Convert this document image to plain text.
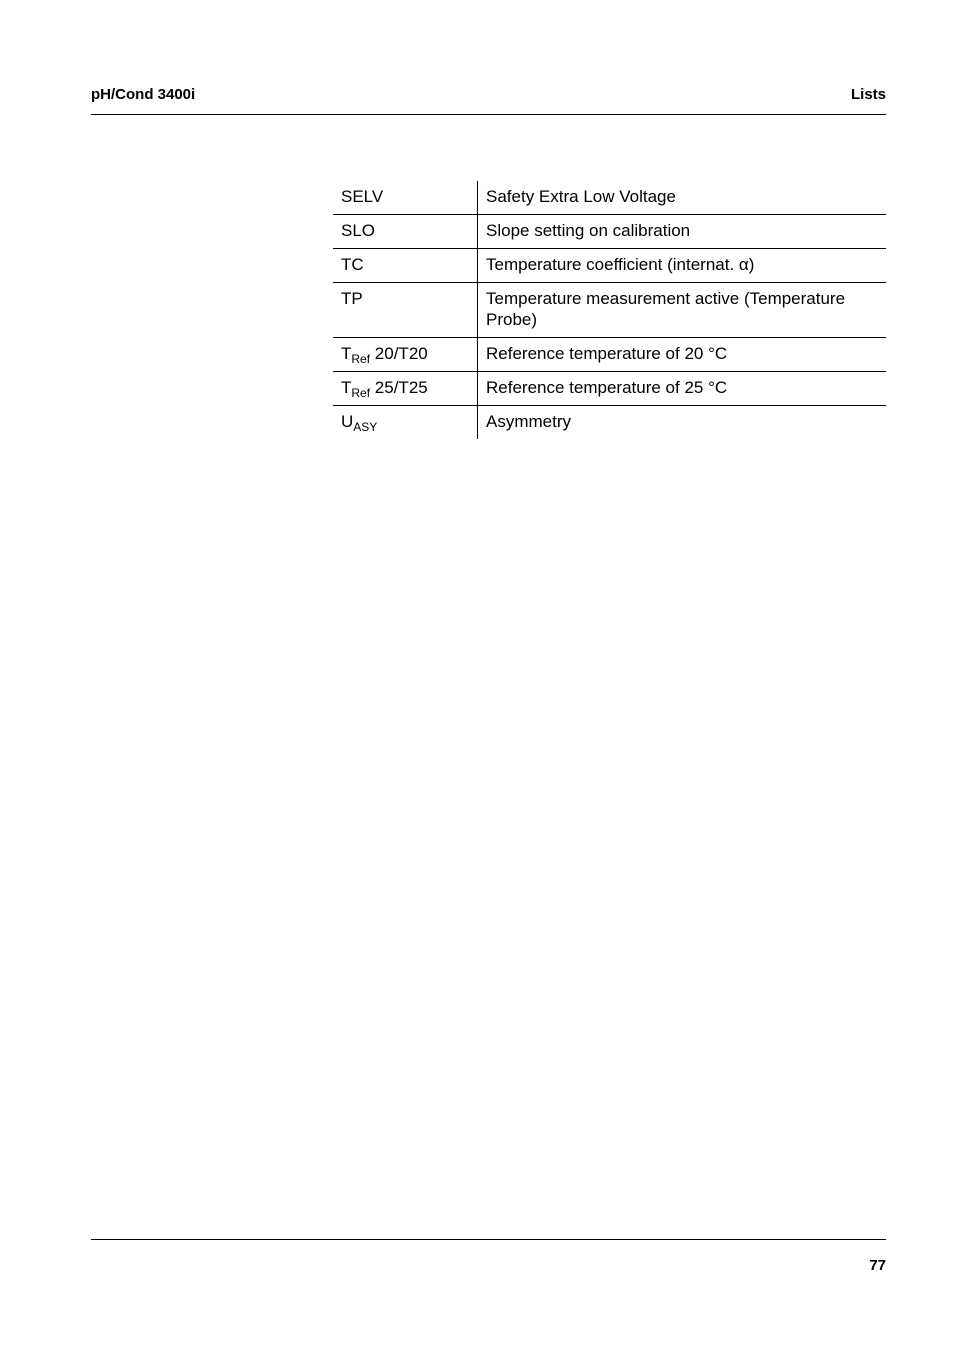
pH/Cond 3400i	Lists
SELV	Safety Extra Low Voltage
SLO	Slope setting on calibration
TC	Temperature coefficient (internat. α)
TP	Temperature measurement active (Temperature Probe)
$T_{Ref}$ 20/T20	Reference temperature of 20 °C
$T_{Ref}$ 25/T25	Reference temperature of 25 °C
$U_{ASY}$	Asymmetry
77
